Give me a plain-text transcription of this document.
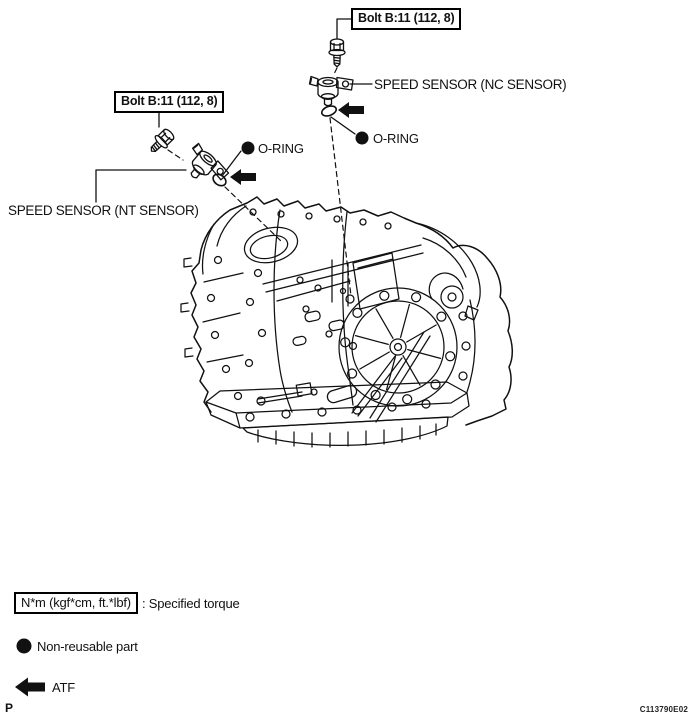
Bolt B:11 (112, 8)
Bolt B:11 (112, 8)
SPEED SENSOR (NC SENSOR)
SPEED SENSOR (NT SENSOR)
O-RING
O-RING
N*m (kgf*cm, ft.*lbf) : Specified torque
Non-reusable part
ATF
P	C113790E02
